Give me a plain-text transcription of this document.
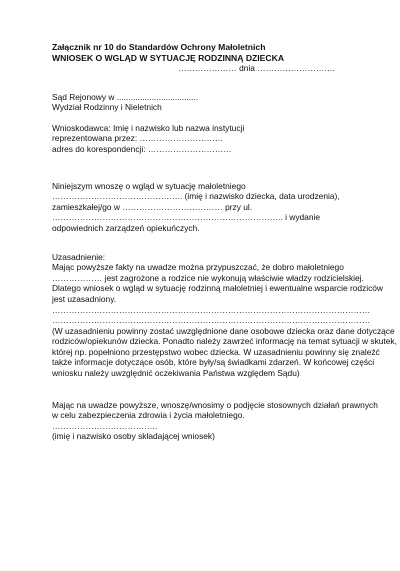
Załącznik nr 10 do Standardów Ochrony Małoletnich
WNIOSEK O WGLĄD W SYTUACJĘ RODZINNĄ DZIECKA
………………… dnia ……………………….
Sąd Rejonowy w ...................................
Wydział Rodzinny i Nieletnich
Wnioskodawca: Imię i nazwisko lub nazwa instytucji
reprezentowana przez: …………………………
adres do korespondencji: …………………………
Niniejszym wnoszę o wgląd w sytuację małoletniego
……………………………………….. (imię i nazwisko dziecka, data urodzenia),
zamieszkałej/go w ……………………………… przy ul.
……………………………………………………………………….. i wydanie
odpowiednich zarządzeń opiekuńczych.
Uzasadnienie:
Mając powyższe fakty na uwadze można przypuszczać, że dobro małoletniego
……………… jest zagrożone a rodzice nie wykonują właściwie władzy rodzicielskiej.
Dlatego wniosek o wgląd w sytuację rodzinną małoletniej i ewentualne wsparcie rodziców
jest uzasadniony.
……………………………………………………………………………………………………
……………………………………………………………………………………………………
(W uzasadnieniu powinny zostać uwzględnione dane osobowe dziecka oraz dane dotyczące
rodziców/opiekunów dziecka. Ponadto należy zawrzeć informację na temat sytuacji w skutek,
której np. popełniono przestępstwo wobec dziecka. W uzasadnieniu powinny się znaleźć
także informacje dotyczące osób, które były/są świadkami zdarzeń. W końcowej części
wniosku należy uwzględnić oczekiwania Państwa względem Sądu)
Mając na uwadze powyższe, wnoszę/wnosimy o podjęcie stosownych działań prawnych
w celu zabezpieczenia zdrowia i życia małoletniego.
………………………………..
(imię i nazwisko osoby składającej wniosek)
